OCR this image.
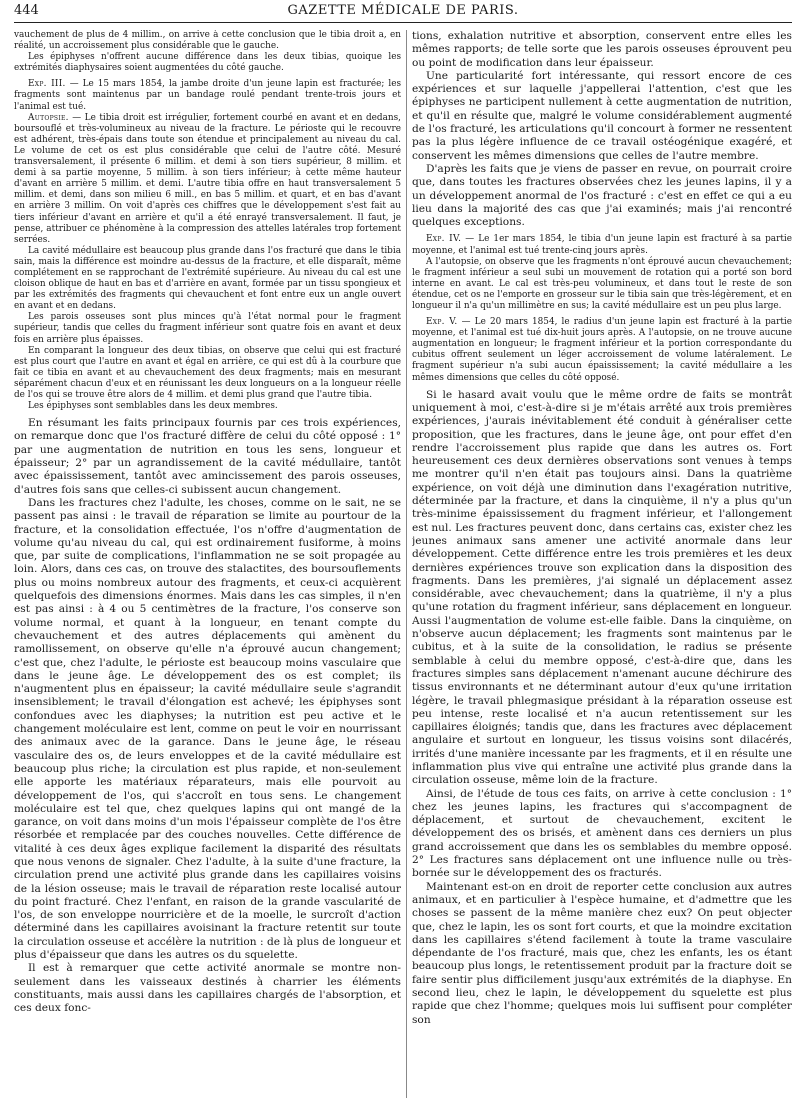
444	GAZETTE MÉDICALE DE PARIS.

vauchement de plus de 4 millim., on arrive à cette conclusion que le tibia droit a, en réalité, un accroissement plus considérable que le gauche.

Les épiphyses n'offrent aucune différence dans les deux tibias, quoique les extrémités diaphysaires soient augmentées du côté gauche.

Exp. III. — Le 15 mars 1854, la jambe droite d'un jeune lapin est fracturée; les fragments sont maintenus par un bandage roulé pendant trente-trois jours et l'animal est tué.

Autopsie. — Le tibia droit est irrégulier, fortement courbé en avant et en dedans, boursouflé et très-volumineux au niveau de la fracture. Le périoste qui le recouvre est adhérent, très-épais dans toute son étendue et principalement au niveau du cal. Le volume de cet os est plus considérable que celui de l'autre côté. Mesuré transversalement, il présente 6 millim. et demi à son tiers supérieur, 8 millim. et demi à sa partie moyenne, 5 millim. à son tiers inférieur; à cette même hauteur d'avant en arrière 5 millim. et demi. L'autre tibia offre en haut transversalement 5 millim. et demi, dans son milieu 6 mill., en bas 5 millim. et quart, et en bas d'avant en arrière 3 millim. On voit d'après ces chiffres que le développement s'est fait au tiers inférieur d'avant en arrière et qu'il a été enrayé transversalement. Il faut, je pense, attribuer ce phénomène à la compression des attelles latérales trop fortement serrées.

La cavité médullaire est beaucoup plus grande dans l'os fracturé que dans le tibia sain, mais la différence est moindre au-dessus de la fracture, et elle disparaît, même complétement en se rapprochant de l'extrémité supérieure. Au niveau du cal est une cloison oblique de haut en bas et d'arrière en avant, formée par un tissu spongieux et par les extrémités des fragments qui chevauchent et font entre eux un angle ouvert en avant et en dedans.

Les parois osseuses sont plus minces qu'à l'état normal pour le fragment supérieur, tandis que celles du fragment inférieur sont quatre fois en avant et deux fois en arrière plus épaisses.

En comparant la longueur des deux tibias, on observe que celui qui est fracturé est plus court que l'autre en avant et égal en arrière, ce qui est dû à la courbure que fait ce tibia en avant et au chevauchement des deux fragments; mais en mesurant séparément chacun d'eux et en réunissant les deux longueurs on a la longueur réelle de l'os qui se trouve être alors de 4 millim. et demi plus grand que l'autre tibia.

Les épiphyses sont semblables dans les deux membres.

En résumant les faits principaux fournis par ces trois expériences, on remarque donc que l'os fracturé diffère de celui du côté opposé : 1° par une augmentation de nutrition en tous les sens, longueur et épaisseur; 2° par un agrandissement de la cavité médullaire, tantôt avec épaississement, tantôt avec amincissement des parois osseuses, d'autres fois sans que celles-ci subissent aucun changement.

Dans les fractures chez l'adulte, les choses, comme on le sait, ne se passent pas ainsi : le travail de réparation se limite au pourtour de la fracture, et la consolidation effectuée, l'os n'offre d'augmentation de volume qu'au niveau du cal, qui est ordinairement fusiforme, à moins que, par suite de complications, l'inflammation ne se soit propagée au loin. Alors, dans ces cas, on trouve des stalactites, des boursouflements plus ou moins nombreux autour des fragments, et ceux-ci acquièrent quelquefois des dimensions énormes. Mais dans les cas simples, il n'en est pas ainsi : à 4 ou 5 centimètres de la fracture, l'os conserve son volume normal, et quant à la longueur, en tenant compte du chevauchement et des autres déplacements qui amènent du ramollissement, on observe qu'elle n'a éprouvé aucun changement; c'est que, chez l'adulte, le périoste est beaucoup moins vasculaire que dans le jeune âge. Le développement des os est complet; ils n'augmentent plus en épaisseur; la cavité médullaire seule s'agrandit insensiblement; le travail d'élongation est achevé; les épiphyses sont confondues avec les diaphyses; la nutrition est peu active et le changement moléculaire est lent, comme on peut le voir en nourrissant des animaux avec de la garance. Dans le jeune âge, le réseau vasculaire des os, de leurs enveloppes et de la cavité médullaire est beaucoup plus riche; la circulation est plus rapide, et non-seulement elle apporte les matériaux réparateurs, mais elle pourvoit au développement de l'os, qui s'accroît en tous sens. Le changement moléculaire est tel que, chez quelques lapins qui ont mangé de la garance, on voit dans moins d'un mois l'épaisseur complète de l'os être résorbée et remplacée par des couches nouvelles. Cette différence de vitalité à ces deux âges explique facilement la disparité des résultats que nous venons de signaler. Chez l'adulte, à la suite d'une fracture, la circulation prend une activité plus grande dans les capillaires voisins de la lésion osseuse; mais le travail de réparation reste localisé autour du point fracturé. Chez l'enfant, en raison de la grande vascularité de l'os, de son enveloppe nourricière et de la moelle, le surcroît d'action déterminé dans les capillaires avoisinant la fracture retentit sur toute la circulation osseuse et accélère la nutrition : de là plus de longueur et plus d'épaisseur que dans les autres os du squelette.

Il est à remarquer que cette activité anormale se montre non-seulement dans les vaisseaux destinés à charrier les éléments constituants, mais aussi dans les capillaires chargés de l'absorption, et ces deux fonc-

tions, exhalation nutritive et absorption, conservent entre elles les mêmes rapports; de telle sorte que les parois osseuses éprouvent peu ou point de modification dans leur épaisseur.

Une particularité fort intéressante, qui ressort encore de ces expériences et sur laquelle j'appellerai l'attention, c'est que les épiphyses ne participent nullement à cette augmentation de nutrition, et qu'il en résulte que, malgré le volume considérablement augmenté de l'os fracturé, les articulations qu'il concourt à former ne ressentent pas la plus légère influence de ce travail ostéogénique exagéré, et conservent les mêmes dimensions que celles de l'autre membre.

D'après les faits que je viens de passer en revue, on pourrait croire que, dans toutes les fractures observées chez les jeunes lapins, il y a un développement anormal de l'os fracturé : c'est en effet ce qui a eu lieu dans la majorité des cas que j'ai examinés; mais j'ai rencontré quelques exceptions.

Exp. IV. — Le 1er mars 1854, le tibia d'un jeune lapin est fracturé à sa partie moyenne, et l'animal est tué trente-cinq jours après.

A l'autopsie, on observe que les fragments n'ont éprouvé aucun chevauchement; le fragment inférieur a seul subi un mouvement de rotation qui a porté son bord interne en avant. Le cal est très-peu volumineux, et dans tout le reste de son étendue, cet os ne l'emporte en grosseur sur le tibia sain que très-légèrement, et en longueur il n'a qu'un millimètre en sus; la cavité médullaire est un peu plus large.

Exp. V. — Le 20 mars 1854, le radius d'un jeune lapin est fracturé à la partie moyenne, et l'animal est tué dix-huit jours après. A l'autopsie, on ne trouve aucune augmentation en longueur; le fragment inférieur et la portion correspondante du cubitus offrent seulement un léger accroissement de volume latéralement. Le fragment supérieur n'a subi aucun épaississement; la cavité médullaire a les mêmes dimensions que celles du côté opposé.

Si le hasard avait voulu que le même ordre de faits se montrât uniquement à moi, c'est-à-dire si je m'étais arrêté aux trois premières expériences, j'aurais inévitablement été conduit à généraliser cette proposition, que les fractures, dans le jeune âge, ont pour effet d'en rendre l'accroissement plus rapide que dans les autres os. Fort heureusement ces deux dernières observations sont venues à temps me montrer qu'il n'en était pas toujours ainsi. Dans la quatrième expérience, on voit déjà une diminution dans l'exagération nutritive, déterminée par la fracture, et dans la cinquième, il n'y a plus qu'un très-minime épaississement du fragment inférieur, et l'allongement est nul. Les fractures peuvent donc, dans certains cas, exister chez les jeunes animaux sans amener une activité anormale dans leur développement. Cette différence entre les trois premières et les deux dernières expériences trouve son explication dans la disposition des fragments. Dans les premières, j'ai signalé un déplacement assez considérable, avec chevauchement; dans la quatrième, il n'y a plus qu'une rotation du fragment inférieur, sans déplacement en longueur. Aussi l'augmentation de volume est-elle faible. Dans la cinquième, on n'observe aucun déplacement; les fragments sont maintenus par le cubitus, et à la suite de la consolidation, le radius se présente semblable à celui du membre opposé, c'est-à-dire que, dans les fractures simples sans déplacement n'amenant aucune déchirure des tissus environnants et ne déterminant autour d'eux qu'une irritation légère, le travail phlegmasique présidant à la réparation osseuse est peu intense, reste localisé et n'a aucun retentissement sur les capillaires éloignés; tandis que, dans les fractures avec déplacement angulaire et surtout en longueur, les tissus voisins sont dilacérés, irrités d'une manière incessante par les fragments, et il en résulte une inflammation plus vive qui entraîne une activité plus grande dans la circulation osseuse, même loin de la fracture.

Ainsi, de l'étude de tous ces faits, on arrive à cette conclusion : 1° chez les jeunes lapins, les fractures qui s'accompagnent de déplacement, et surtout de chevauchement, excitent le développement des os brisés, et amènent dans ces derniers un plus grand accroissement que dans les os semblables du membre opposé. 2° Les fractures sans déplacement ont une influence nulle ou très-bornée sur le développement des os fracturés.

Maintenant est-on en droit de reporter cette conclusion aux autres animaux, et en particulier à l'espèce humaine, et d'admettre que les choses se passent de la même manière chez eux? On peut objecter que, chez le lapin, les os sont fort courts, et que la moindre excitation dans les capillaires s'étend facilement à toute la trame vasculaire dépendante de l'os fracturé, mais que, chez les enfants, les os étant beaucoup plus longs, le retentissement produit par la fracture doit se faire sentir plus difficilement jusqu'aux extrémités de la diaphyse. En second lieu, chez le lapin, le développement du squelette est plus rapide que chez l'homme; quelques mois lui suffisent pour compléter son
